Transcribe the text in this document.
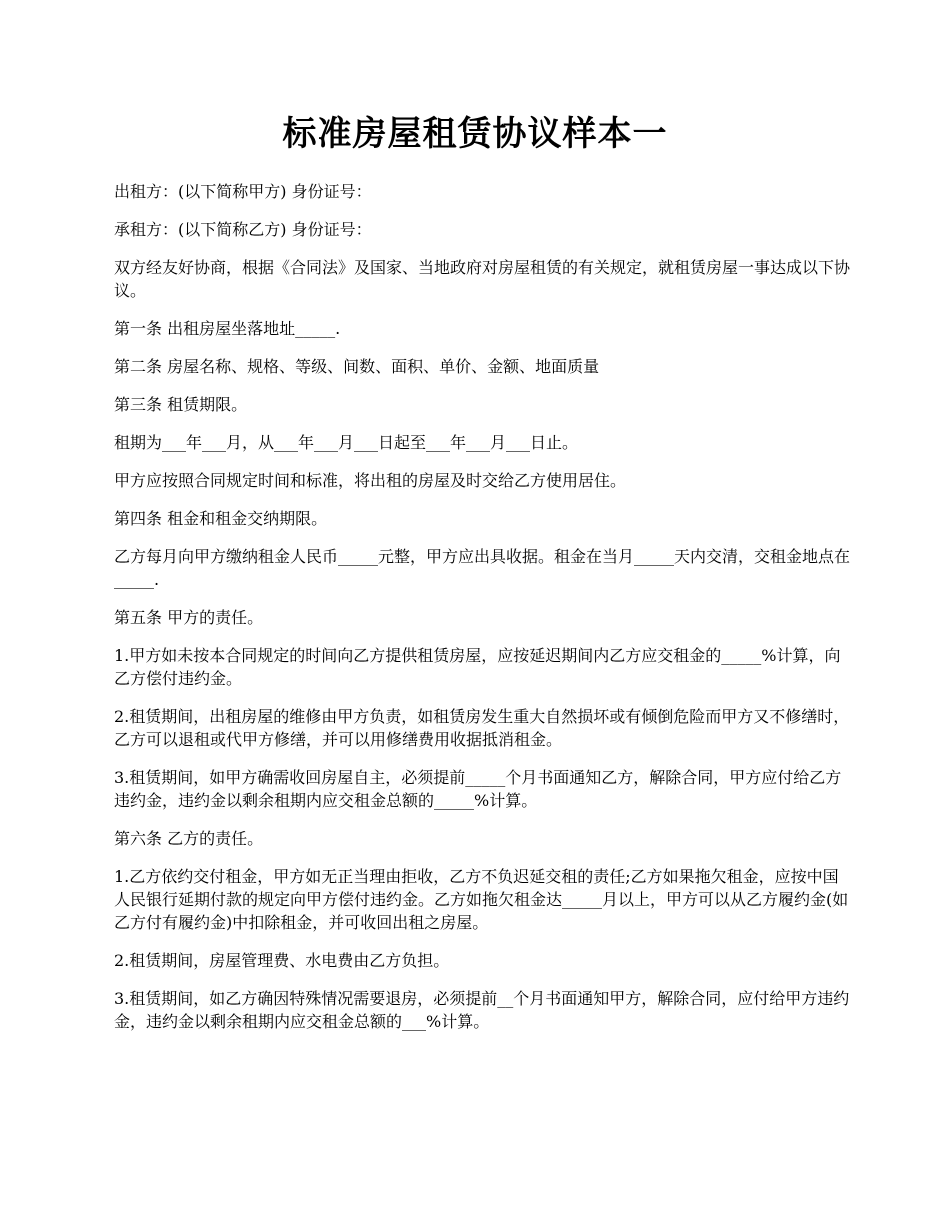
标准房屋租赁协议样本一

出租方：(以下简称甲方) 身份证号：

承租方：(以下简称乙方) 身份证号：

双方经友好协商，根据《合同法》及国家、当地政府对房屋租赁的有关规定，就租赁房屋一事达成以下协议。

第一条 出租房屋坐落地址_____.

第二条 房屋名称、规格、等级、间数、面积、单价、金额、地面质量

第三条 租赁期限。

租期为___年___月，从___年___月___日起至___年___月___日止。

甲方应按照合同规定时间和标准，将出租的房屋及时交给乙方使用居住。

第四条 租金和租金交纳期限。

乙方每月向甲方缴纳租金人民币_____元整，甲方应出具收据。租金在当月_____天内交清，交租金地点在_____.

第五条 甲方的责任。

1.甲方如未按本合同规定的时间向乙方提供租赁房屋，应按延迟期间内乙方应交租金的_____%计算，向乙方偿付违约金。

2.租赁期间，出租房屋的维修由甲方负责，如租赁房发生重大自然损坏或有倾倒危险而甲方又不修缮时，乙方可以退租或代甲方修缮，并可以用修缮费用收据抵消租金。

3.租赁期间，如甲方确需收回房屋自主，必须提前_____个月书面通知乙方，解除合同，甲方应付给乙方违约金，违约金以剩余租期内应交租金总额的_____%计算。

第六条 乙方的责任。

1.乙方依约交付租金，甲方如无正当理由拒收，乙方不负迟延交租的责任;乙方如果拖欠租金，应按中国人民银行延期付款的规定向甲方偿付违约金。乙方如拖欠租金达_____月以上，甲方可以从乙方履约金(如乙方付有履约金)中扣除租金，并可收回出租之房屋。

2.租赁期间，房屋管理费、水电费由乙方负担。

3.租赁期间，如乙方确因特殊情况需要退房，必须提前__个月书面通知甲方，解除合同，应付给甲方违约金，违约金以剩余租期内应交租金总额的___%计算。
